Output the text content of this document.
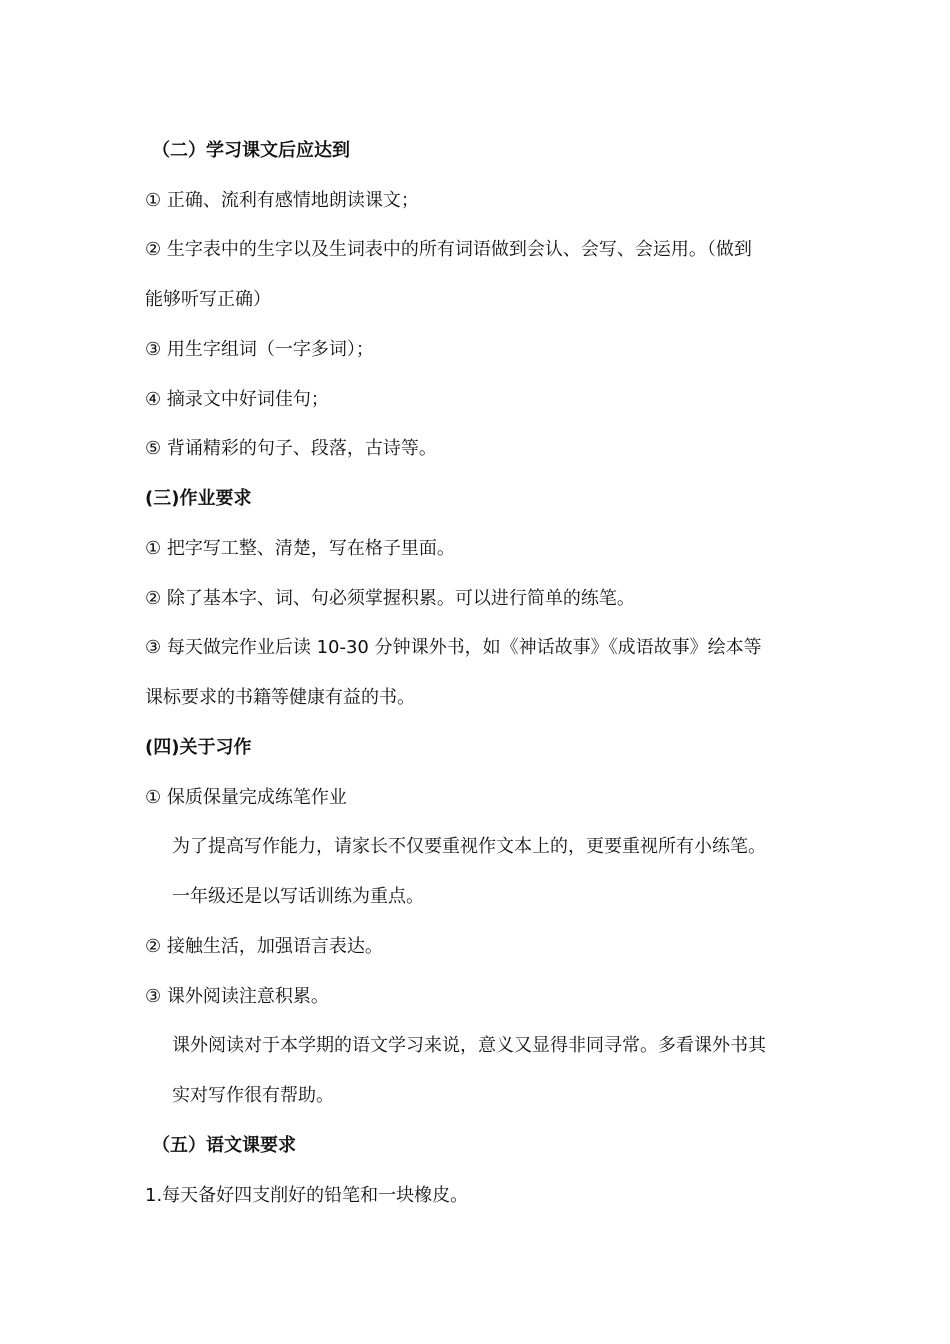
（二）学习课文后应达到
① 正确、流利有感情地朗读课文；
② 生字表中的生字以及生词表中的所有词语做到会认、会写、会运用。（做到
能够听写正确）
③ 用生字组词（一字多词）；
④ 摘录文中好词佳句；
⑤ 背诵精彩的句子、段落，古诗等。
(三)作业要求
① 把字写工整、清楚，写在格子里面。
② 除了基本字、词、句必须掌握积累。可以进行简单的练笔。
③ 每天做完作业后读 10-30 分钟课外书，如《神话故事》《成语故事》绘本等
课标要求的书籍等健康有益的书。
(四)关于习作
① 保质保量完成练笔作业
为了提高写作能力，请家长不仅要重视作文本上的，更要重视所有小练笔。
一年级还是以写话训练为重点。
② 接触生活，加强语言表达。
③ 课外阅读注意积累。
课外阅读对于本学期的语文学习来说，意义又显得非同寻常。多看课外书其
实对写作很有帮助。
（五）语文课要求
1.每天备好四支削好的铅笔和一块橡皮。
